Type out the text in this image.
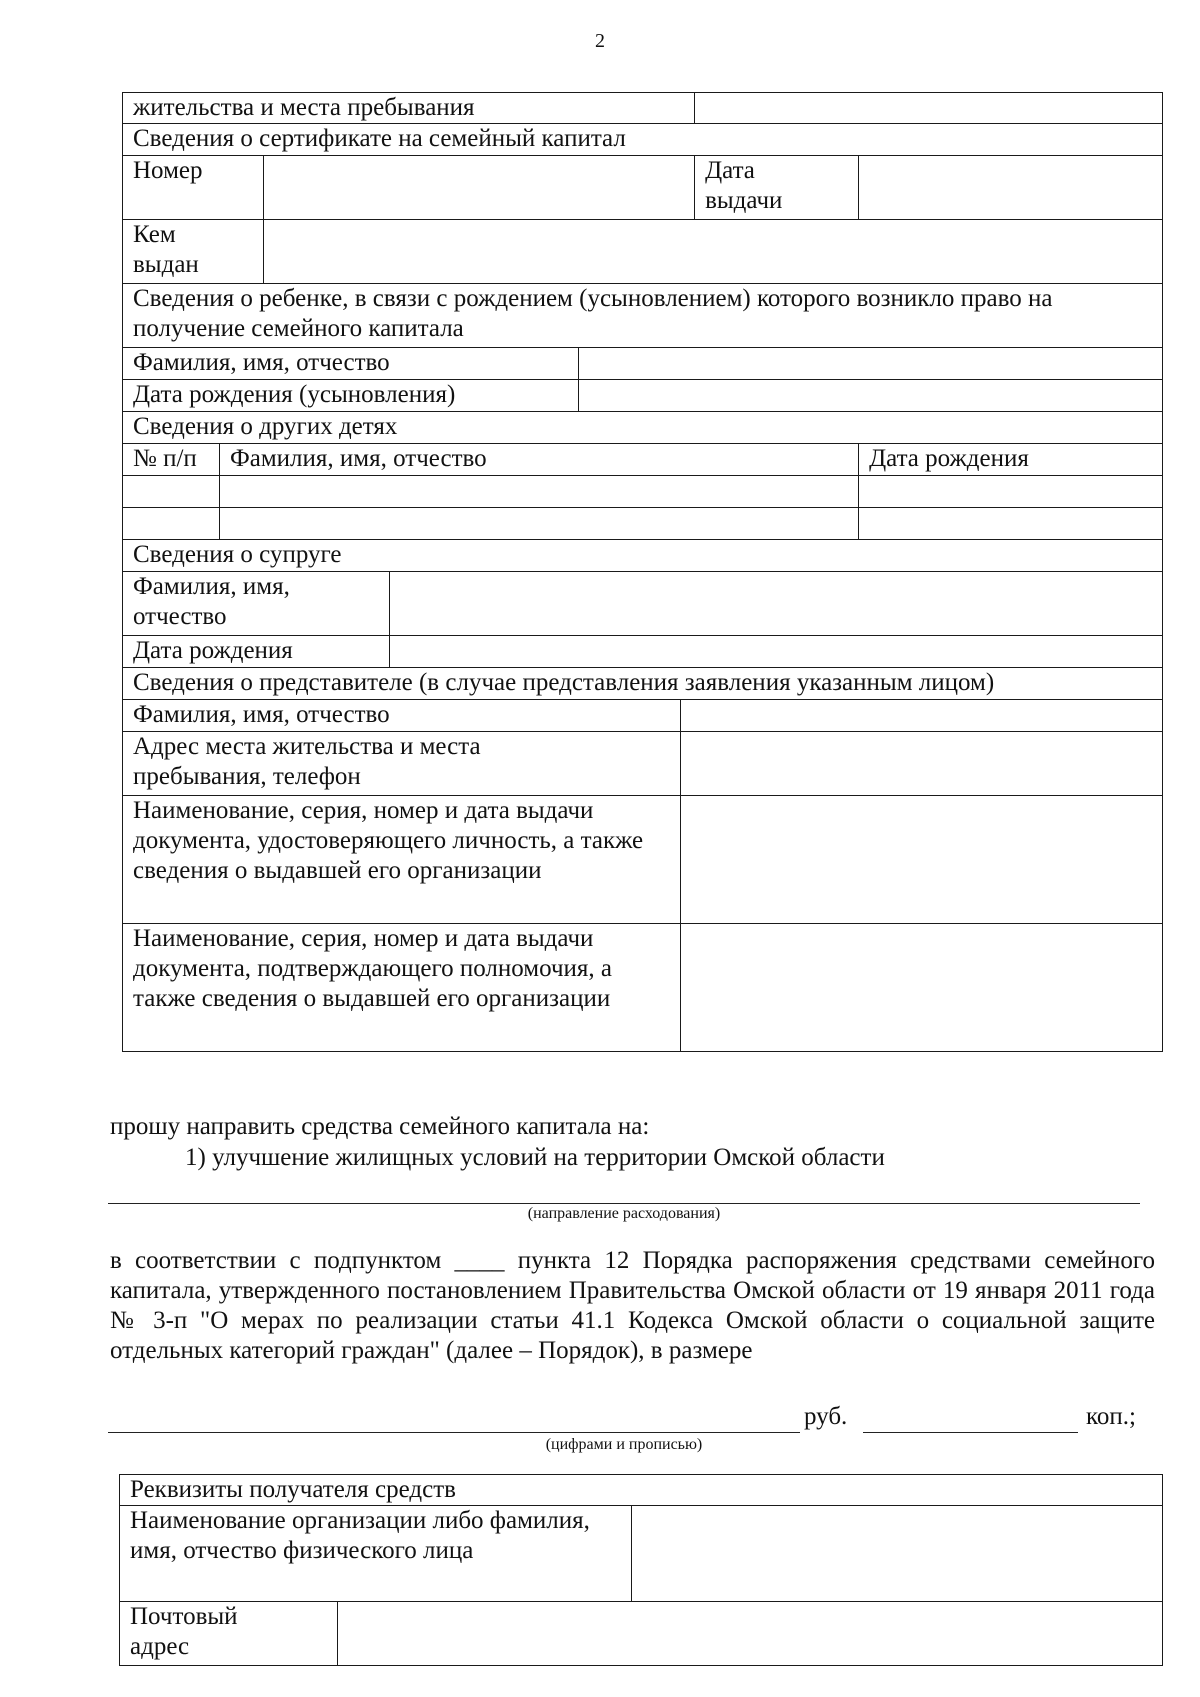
2
жительства и места пребывания							
Сведения о сертификате на семейный капитал							
Номер						Дата выдачи	
Кем выдан							
Сведения о ребенке, в связи с рождением (усыновлением) которого возникло право на получение семейного капитала							
Фамилия, имя, отчество							
Дата рождения (усыновления)							
Сведения о других детях							
№ п/п	Фамилия, имя, отчество						Дата рождения

Сведения о супруге							
Фамилия, имя, отчество							
Дата рождения							
Сведения о представителе (в случае представления заявления указанным лицом)							
Фамилия, имя, отчество							
Адрес места жительства и места пребывания, телефон							
Наименование, серия, номер и дата выдачи документа, удостоверяющего личность, а также сведения о выдавшей его организации							
Наименование, серия, номер и дата выдачи документа, подтверждающего полномочия, а также сведения о выдавшей его организации							
прошу направить средства семейного капитала на:
1) улучшение жилищных условий на территории Омской области
(направление расходования)
в соответствии с подпунктом ____ пункта 12 Порядка распоряжения средствами семейного капитала, утвержденного постановлением Правительства Омской области от 19 января 2011 года № 3-п "О мерах по реализации статьи 41.1 Кодекса Омской области о социальной защите отдельных категорий граждан" (далее – Порядок), в размере
руб.	коп.;
(цифрами и прописью)
Реквизиты получателя средств		
Наименование организации либо фамилия, имя, отчество физического лица		
Почтовый адрес		
